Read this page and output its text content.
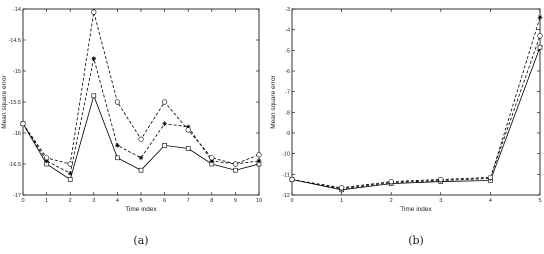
0	1	2	3	4	5	6	7	8	9	10
-14
-14.5
-15
-15.5
-16
-16.5
-17
Time index
Mean square error
(a)
0	1	2	3	4	5
-3
-4
-5
-6
-7
-8
-9
-10
-11
-12
Time index
Mean square error
(b)
